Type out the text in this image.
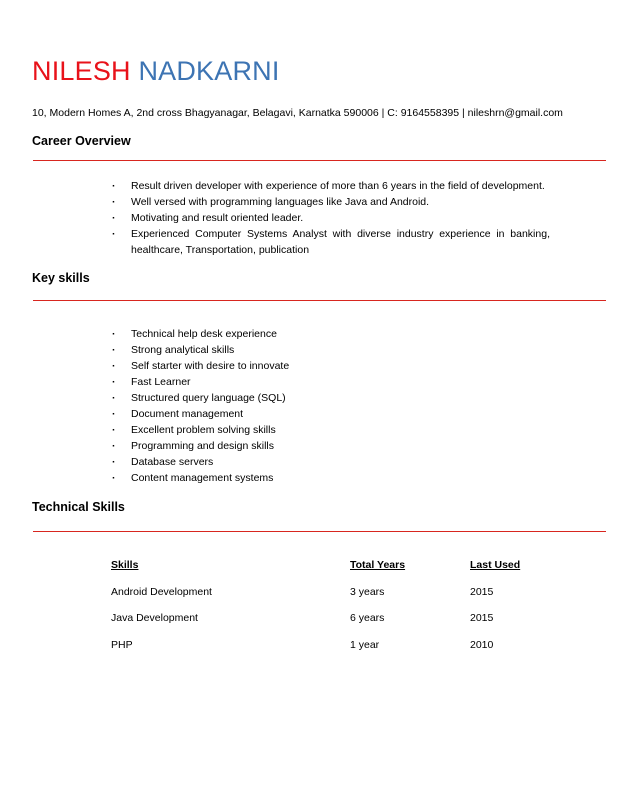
NILESH NADKARNI
10, Modern Homes A, 2nd cross Bhagyanagar, Belagavi, Karnatka 590006 | C: 9164558395 | nileshrn@gmail.com
Career Overview
· Result driven developer with experience of more than 6 years in the field of development.
· Well versed with programming languages like Java and Android.
· Motivating and result oriented leader.
· Experienced Computer Systems Analyst with diverse industry experience in banking, healthcare, Transportation, publication
Key skills
· Technical help desk experience
· Strong analytical skills
· Self starter with desire to innovate
· Fast Learner
· Structured query language (SQL)
· Document management
· Excellent problem solving skills
· Programming and design skills
· Database servers
· Content management systems
Technical Skills
Skills	Total Years	Last Used
Android Development	3 years	2015
Java Development	6 years	2015
PHP	1 year	2010
